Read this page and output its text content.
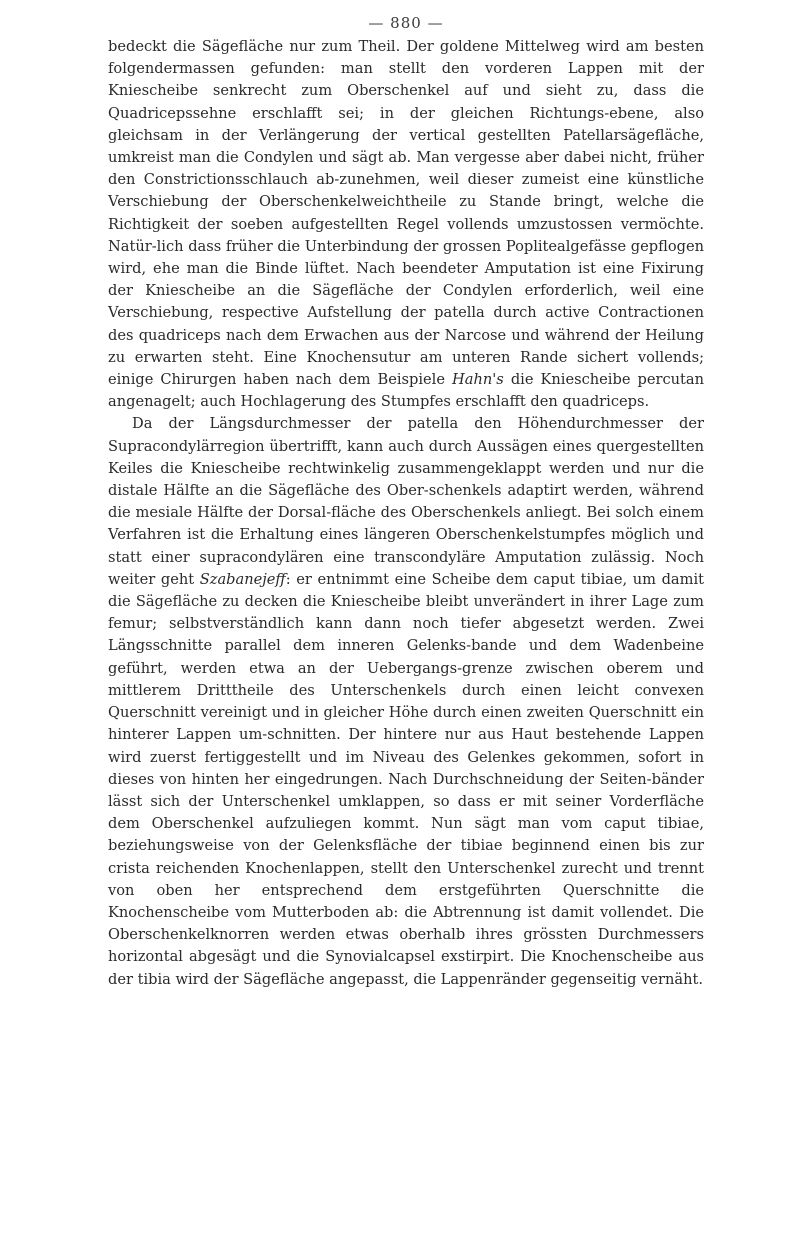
— 880 —

bedeckt die Sägefläche nur zum Theil. Der goldene Mittelweg wird am besten folgendermassen gefunden: man stellt den vorderen Lappen mit der Kniescheibe senkrecht zum Oberschenkel auf und sieht zu, dass die Quadricepssehne erschlafft sei; in der gleichen Richtungs-ebene, also gleichsam in der Verlängerung der vertical gestellten Patellarsägefläche, umkreist man die Condylen und sägt ab. Man vergesse aber dabei nicht, früher den Constrictionsschlauch ab-zunehmen, weil dieser zumeist eine künstliche Verschiebung der Oberschenkelweichtheile zu Stande bringt, welche die Richtigkeit der soeben aufgestellten Regel vollends umzustossen vermöchte. Natür-lich dass früher die Unterbindung der grossen Poplitealgefässe gepflogen wird, ehe man die Binde lüftet. Nach beendeter Amputation ist eine Fixirung der Kniescheibe an die Sägefläche der Condylen erforderlich, weil eine Verschiebung, respective Aufstellung der patella durch active Contractionen des quadriceps nach dem Erwachen aus der Narcose und während der Heilung zu erwarten steht. Eine Knochensutur am unteren Rande sichert vollends; einige Chirurgen haben nach dem Beispiele Hahn's die Kniescheibe percutan angenagelt; auch Hochlagerung des Stumpfes erschlafft den quadriceps.

Da der Längsdurchmesser der patella den Höhendurchmesser der Supracondylärregion übertrifft, kann auch durch Aussägen eines quergestellten Keiles die Kniescheibe rechtwinkelig zusammengeklappt werden und nur die distale Hälfte an die Sägefläche des Ober-schenkels adaptirt werden, während die mesiale Hälfte der Dorsal-fläche des Oberschenkels anliegt. Bei solch einem Verfahren ist die Erhaltung eines längeren Oberschenkelstumpfes möglich und statt einer supracondylären eine transcondyläre Amputation zulässig. Noch weiter geht Szabanejeff: er entnimmt eine Scheibe dem caput tibiae, um damit die Sägefläche zu decken die Kniescheibe bleibt unverändert in ihrer Lage zum femur; selbstverständlich kann dann noch tiefer abgesetzt werden. Zwei Längsschnitte parallel dem inneren Gelenks-bande und dem Wadenbeine geführt, werden etwa an der Uebergangs-grenze zwischen oberem und mittlerem Dritttheile des Unterschenkels durch einen leicht convexen Querschnitt vereinigt und in gleicher Höhe durch einen zweiten Querschnitt ein hinterer Lappen um-schnitten. Der hintere nur aus Haut bestehende Lappen wird zuerst fertiggestellt und im Niveau des Gelenkes gekommen, sofort in dieses von hinten her eingedrungen. Nach Durchschneidung der Seiten-bänder lässt sich der Unterschenkel umklappen, so dass er mit seiner Vorderfläche dem Oberschenkel aufzuliegen kommt. Nun sägt man vom caput tibiae, beziehungsweise von der Gelenksfläche der tibiae beginnend einen bis zur crista reichenden Knochenlappen, stellt den Unterschenkel zurecht und trennt von oben her entsprechend dem erstgeführten Querschnitte die Knochenscheibe vom Mutterboden ab: die Abtrennung ist damit vollendet. Die Oberschenkelknorren werden etwas oberhalb ihres grössten Durchmessers horizontal abgesägt und die Synovialcapsel exstirpirt. Die Knochenscheibe aus der tibia wird der Sägefläche angepasst, die Lappenränder gegenseitig vernäht.
